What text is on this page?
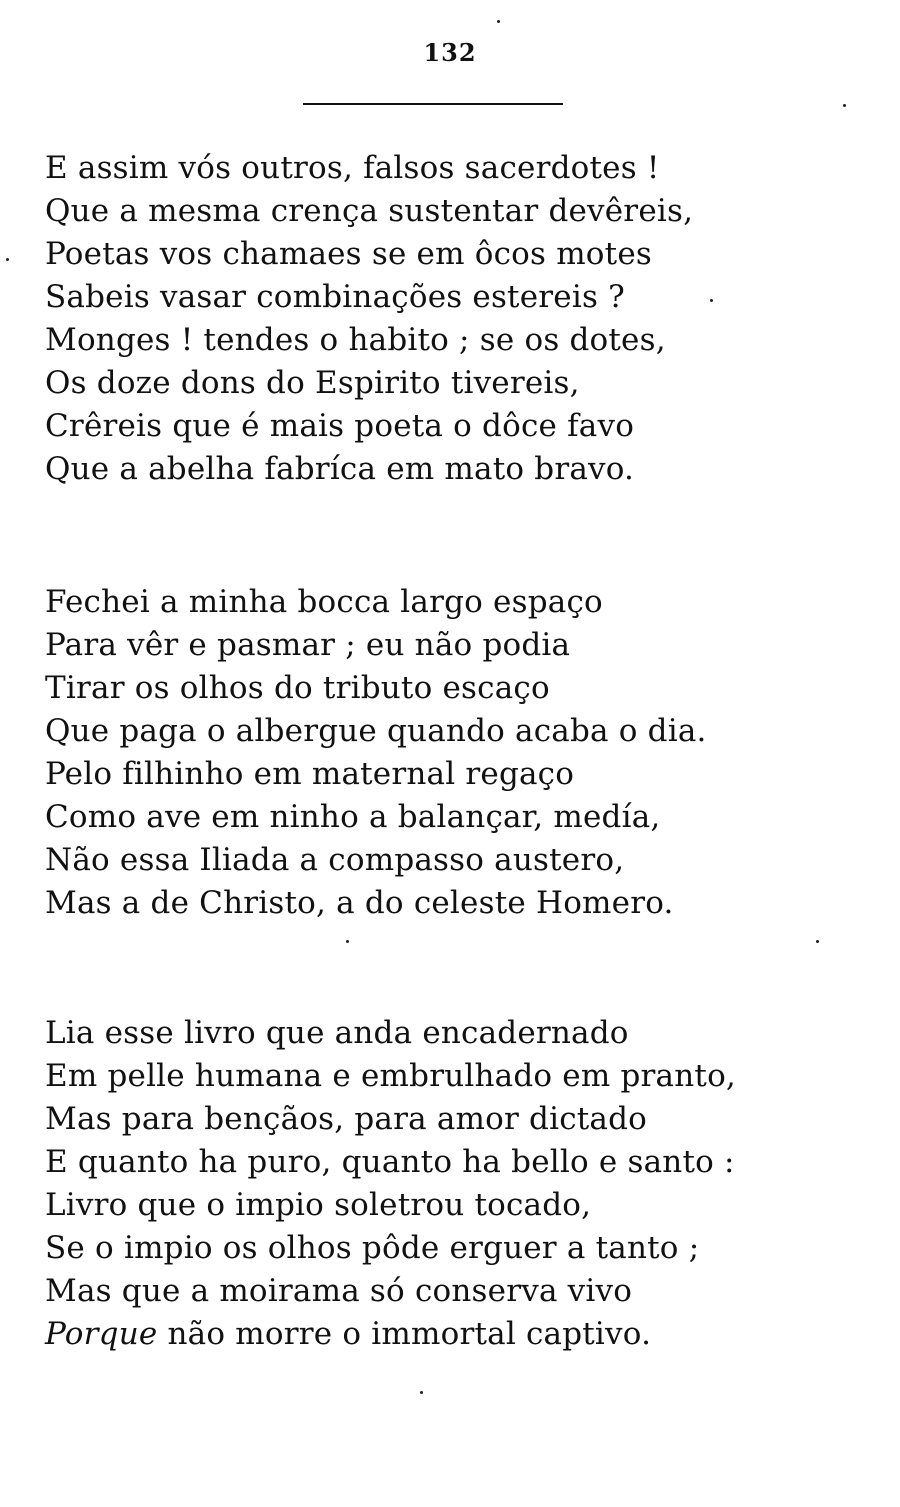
132
E assim vós outros, falsos sacerdotes !
Que a mesma crença sustentar devêreis,
Poetas vos chamaes se em ôcos motes
Sabeis vasar combinações estereis ?
Monges ! tendes o habito ; se os dotes,
Os doze dons do Espirito tivereis,
Crêreis que é mais poeta o dôce favo
Que a abelha fabríca em mato bravo.
Fechei a minha bocca largo espaço
Para vêr e pasmar ; eu não podia
Tirar os olhos do tributo escaço
Que paga o albergue quando acaba o dia.
Pelo filhinho em maternal regaço
Como ave em ninho a balançar, medía,
Não essa Iliada a compasso austero,
Mas a de Christo, a do celeste Homero.
Lia esse livro que anda encadernado
Em pelle humana e embrulhado em pranto,
Mas para bençãos, para amor dictado
E quanto ha puro, quanto ha bello e santo :
Livro que o impio soletrou tocado,
Se o impio os olhos pôde erguer a tanto ;
Mas que a moirama só conserva vivo
Porque não morre o immortal captivo.
